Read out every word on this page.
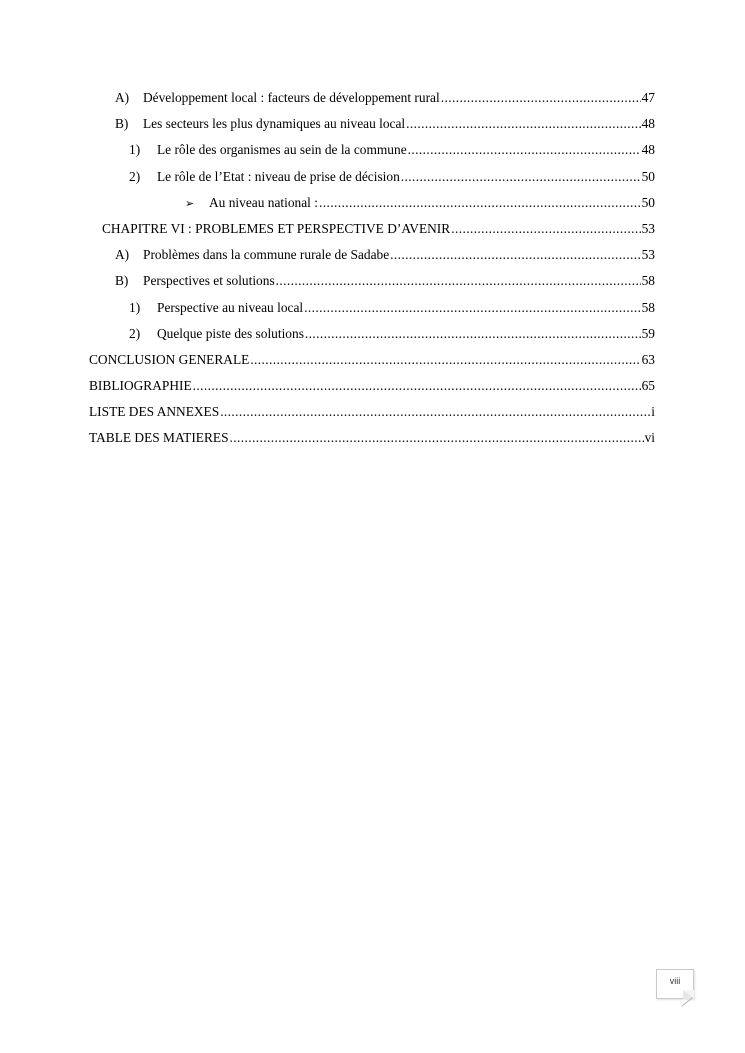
A)	Développement local : facteurs de développement rural .....	47
B)	Les secteurs les plus dynamiques au niveau local .....	48
1)	Le rôle des organismes au sein de la commune .....	48
2)	Le rôle de l’Etat : niveau de prise de décision .....	50
➢	Au niveau national : .....	50
CHAPITRE VI : PROBLEMES ET PERSPECTIVE D’AVENIR .....	53
A)	Problèmes dans la commune rurale de Sadabe .....	53
B)	Perspectives et solutions .....	58
1)	Perspective au niveau local .....	58
2)	Quelque piste des solutions .....	59
CONCLUSION GENERALE .....	63
BIBLIOGRAPHIE .....	65
LISTE DES ANNEXES .....	i
TABLE DES MATIERES .....	vi
viii
